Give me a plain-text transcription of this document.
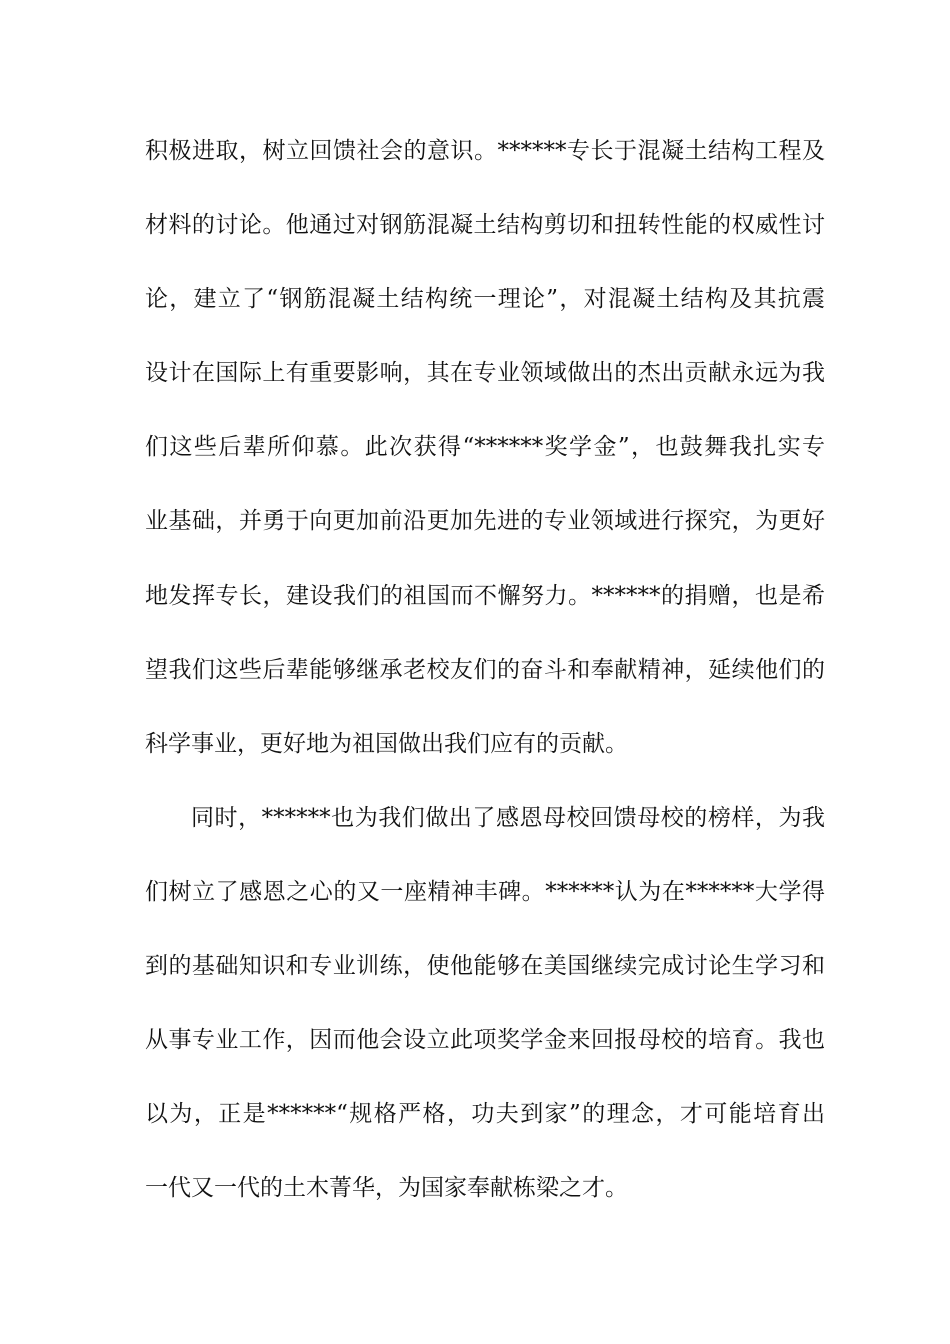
积极进取，树立回馈社会的意识。******专长于混凝土结构工程及
材料的讨论。他通过对钢筋混凝土结构剪切和扭转性能的权威性讨
论，建立了“钢筋混凝土结构统一理论”，对混凝土结构及其抗震
设计在国际上有重要影响，其在专业领域做出的杰出贡献永远为我
们这些后辈所仰慕。此次获得“******奖学金”，也鼓舞我扎实专
业基础，并勇于向更加前沿更加先进的专业领域进行探究，为更好
地发挥专长，建设我们的祖国而不懈努力。******的捐赠，也是希
望我们这些后辈能够继承老校友们的奋斗和奉献精神，延续他们的
科学事业，更好地为祖国做出我们应有的贡献。
同时，******也为我们做出了感恩母校回馈母校的榜样，为我
们树立了感恩之心的又一座精神丰碑。******认为在******大学得
到的基础知识和专业训练，使他能够在美国继续完成讨论生学习和
从事专业工作，因而他会设立此项奖学金来回报母校的培育。我也
以为，正是******“规格严格，功夫到家”的理念，才可能培育出
一代又一代的土木菁华，为国家奉献栋梁之才。
